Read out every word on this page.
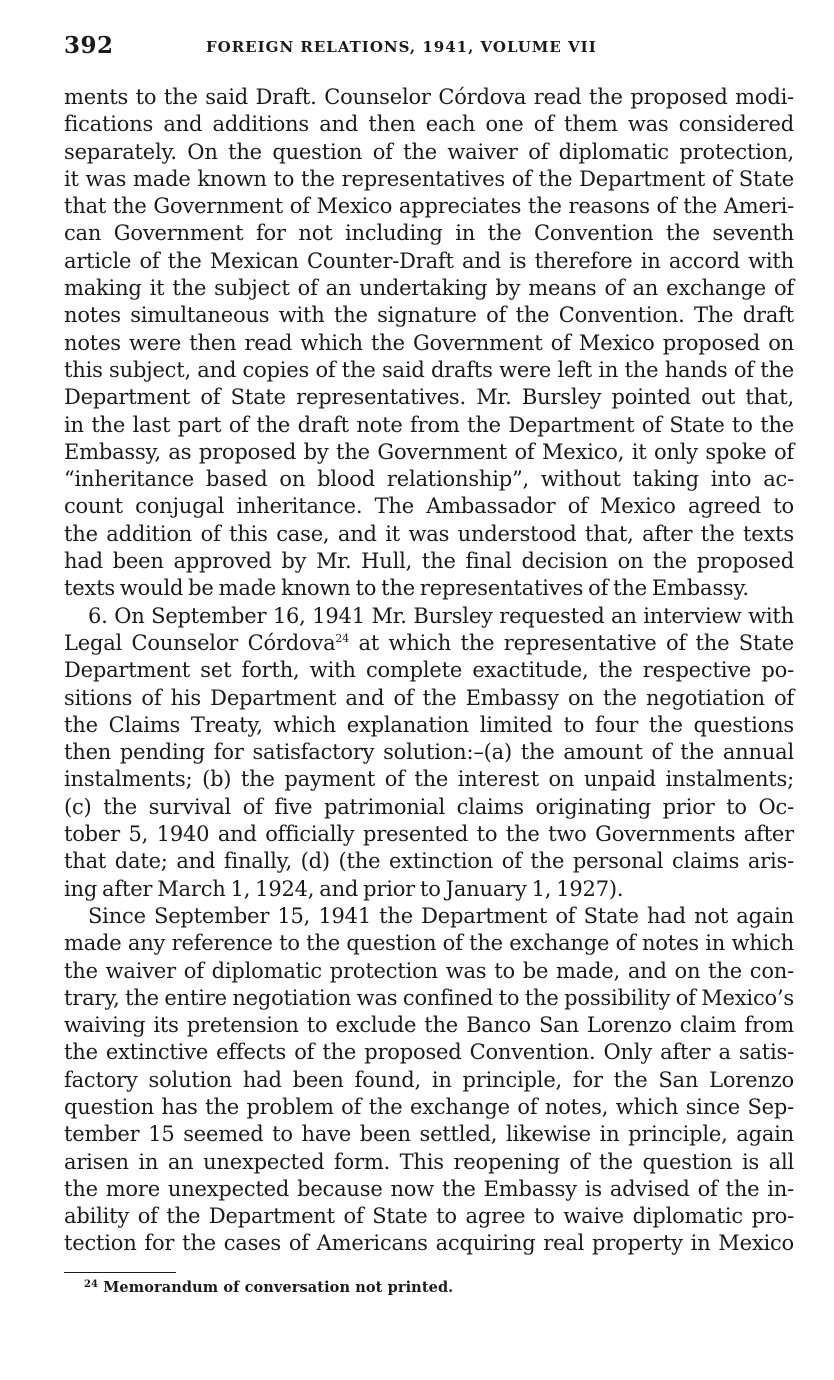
392	FOREIGN RELATIONS, 1941, VOLUME VII
ments to the said Draft. Counselor Córdova read the proposed modi-
fications and additions and then each one of them was considered
separately. On the question of the waiver of diplomatic protection,
it was made known to the representatives of the Department of State
that the Government of Mexico appreciates the reasons of the Ameri-
can Government for not including in the Convention the seventh
article of the Mexican Counter-Draft and is therefore in accord with
making it the subject of an undertaking by means of an exchange of
notes simultaneous with the signature of the Convention. The draft
notes were then read which the Government of Mexico proposed on
this subject, and copies of the said drafts were left in the hands of the
Department of State representatives. Mr. Bursley pointed out that,
in the last part of the draft note from the Department of State to the
Embassy, as proposed by the Government of Mexico, it only spoke of
“inheritance based on blood relationship”, without taking into ac-
count conjugal inheritance. The Ambassador of Mexico agreed to
the addition of this case, and it was understood that, after the texts
had been approved by Mr. Hull, the final decision on the proposed
texts would be made known to the representatives of the Embassy.
6. On September 16, 1941 Mr. Bursley requested an interview with
Legal Counselor Córdova$^{24}$ at which the representative of the State
Department set forth, with complete exactitude, the respective po-
sitions of his Department and of the Embassy on the negotiation of
the Claims Treaty, which explanation limited to four the questions
then pending for satisfactory solution:–(a) the amount of the annual
instalments; (b) the payment of the interest on unpaid instalments;
(c) the survival of five patrimonial claims originating prior to Oc-
tober 5, 1940 and officially presented to the two Governments after
that date; and finally, (d) (the extinction of the personal claims aris-
ing after March 1, 1924, and prior to January 1, 1927).
Since September 15, 1941 the Department of State had not again
made any reference to the question of the exchange of notes in which
the waiver of diplomatic protection was to be made, and on the con-
trary, the entire negotiation was confined to the possibility of Mexico’s
waiving its pretension to exclude the Banco San Lorenzo claim from
the extinctive effects of the proposed Convention. Only after a satis-
factory solution had been found, in principle, for the San Lorenzo
question has the problem of the exchange of notes, which since Sep-
tember 15 seemed to have been settled, likewise in principle, again
arisen in an unexpected form. This reopening of the question is all
the more unexpected because now the Embassy is advised of the in-
ability of the Department of State to agree to waive diplomatic pro-
tection for the cases of Americans acquiring real property in Mexico
$^{24}$ Memorandum of conversation not printed.
